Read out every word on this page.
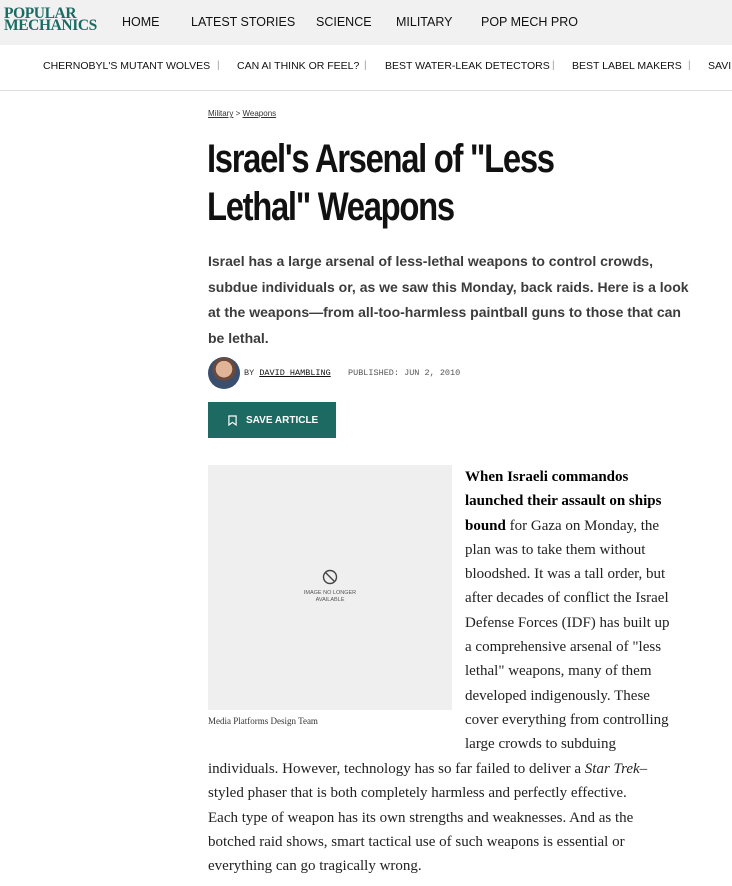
POPULAR
MECHANICS	HOME	LATEST STORIES SCIENCE MILITARY POP MECH PRO
CHERNOBYL'S MUTANT WOLVES | CAN AI THINK OR FEEL? | BEST WATER-LEAK DETECTORS | BEST LABEL MAKERS | SAVI
Military > Weapons
Israel's Arsenal of "Less
Lethal" Weapons

Israel has a large arsenal of less-lethal weapons to control crowds, subdue individuals or, as we saw this Monday, back raids. Here is a look at the weapons—from all-too-harmless paintball guns to those that can be lethal.

BY DAVID HAMBLING PUBLISHED: JUN 2, 2010
SAVE ARTICLE
IMAGE NO LONGER
AVAILABLE
Media Platforms Design Team
When Israeli commandos
launched their assault on ships
bound for Gaza on Monday, the
plan was to take them without
bloodshed. It was a tall order, but
after decades of conflict the Israel
Defense Forces (IDF) has built up
a comprehensive arsenal of "less
lethal" weapons, many of them
developed indigenously. These
cover everything from controlling
large crowds to subduing
individuals. However, technology has so far failed to deliver a Star Trek–
styled phaser that is both completely harmless and perfectly effective.
Each type of weapon has its own strengths and weaknesses. And as the
botched raid shows, smart tactical use of such weapons is essential or
everything can go tragically wrong.
